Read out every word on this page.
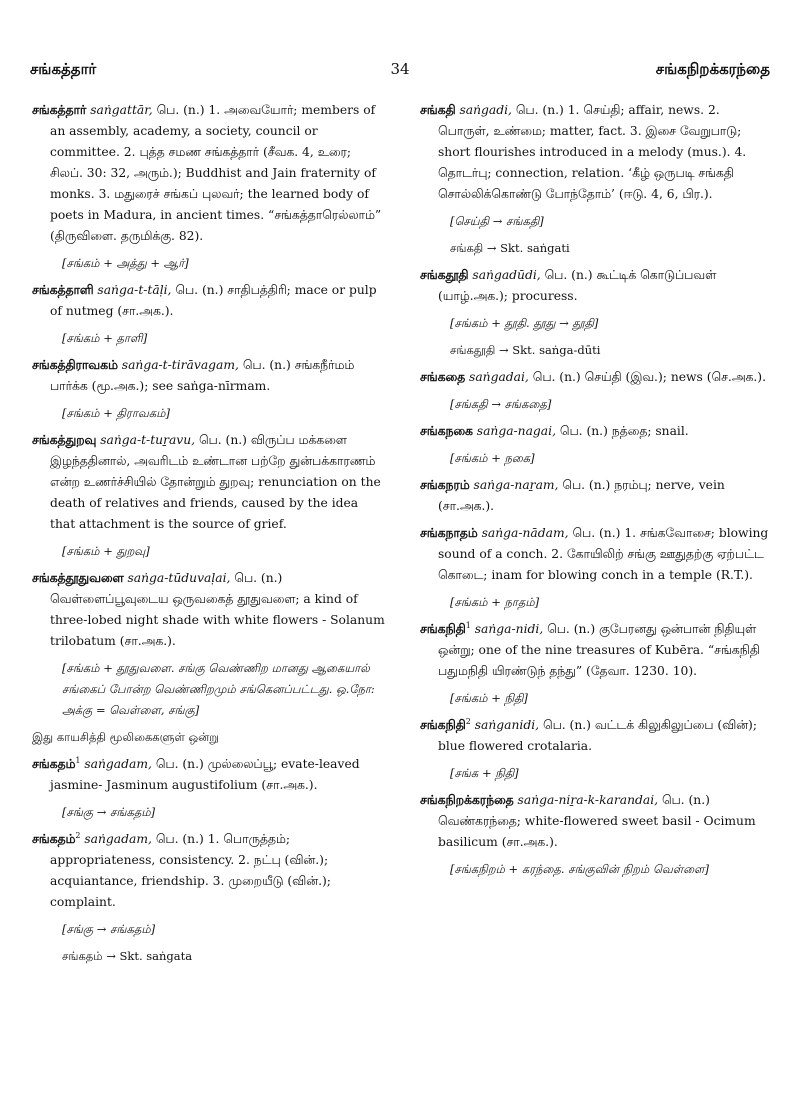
சங்கத்தார்	34	சங்கநிறக்கரந்தை
சங்கத்தார் saṅgattār, பெ. (n.) 1. அவையோர்; members of an assembly, academy, a society, council or committee. 2. புத்த சமண சங்கத்தார் (சீவக. 4, உரை; சிலப். 30: 32, அரும்.); Buddhist and Jain fraternity of monks. 3. மதுரைச் சங்கப் புலவர்; the learned body of poets in Madura, in ancient times. “சங்கத்தாரெல்லாம்” (திருவிளை. தருமிக்கு. 82).
[சங்கம் + அத்து + ஆர்]
சங்கத்தாளி saṅga-t-tāḷi, பெ. (n.) சாதிபத்திரி; mace or pulp of nutmeg (சா.அக.).
[சங்கம் + தாளி]
சங்கத்திராவகம் saṅga-t-tirāvagam, பெ. (n.) சங்கநீர்மம் பார்க்க (மூ.அக.); see saṅga-nīrmam.
[சங்கம் + திராவகம்]
சங்கத்துறவு saṅga-t-tuṟavu, பெ. (n.) விருப்ப மக்களை இழந்ததினால், அவரிடம் உண்டான பற்றே துன்பக்காரணம் என்ற உணர்ச்சியில் தோன்றும் துறவு; renunciation on the death of relatives and friends, caused by the idea that attachment is the source of grief.
[சங்கம் + துறவு]
சங்கத்தூதுவளை saṅga-tūduvaḷai, பெ. (n.) வெள்ளைப்பூவுடைய ஒருவகைத் தூதுவளை; a kind of three-lobed night shade with white flowers - Solanum trilobatum (சா.அக.).
[சங்கம் + தூதுவளை. சங்கு வெண்ணிற மானது ஆகையால் சங்கைப் போன்ற வெண்ணிறமும் சங்கெனப்பட்டது. ஒ.நோ: அக்கு = வெள்ளை, சங்கு]
இது காயசித்தி மூலிகைகளுள் ஒன்று
சங்கதம்$^1$ saṅgadam, பெ. (n.) முல்லைப்பூ; evate-leaved jasmine- Jasminum augustifolium (சா.அக.).
[சங்கு → சங்கதம்]
சங்கதம்$^2$ saṅgadam, பெ. (n.) 1. பொருத்தம்; appropriateness, consistency. 2. நட்பு (வின்.); acquiantance, friendship. 3. முறையீடு (வின்.); complaint.
[சங்கு → சங்கதம்]
சங்கதம் → Skt. saṅgata
சங்கதி saṅgadi, பெ. (n.) 1. செய்தி; affair, news. 2. பொருள், உண்மை; matter, fact. 3. இசை வேறுபாடு; short flourishes introduced in a melody (mus.). 4. தொடர்பு; connection, relation. ‘கீழ் ஒருபடி சங்கதி சொல்லிக்கொண்டு போந்தோம்’ (ஈடு. 4, 6, பிர.).
[செய்தி → சங்கதி]
சங்கதி → Skt. saṅgati
சங்கதூதி saṅgadūdi, பெ. (n.) கூட்டிக் கொடுப்பவள் (யாழ்.அக.); procuress.
[சங்கம் + தூதி. தூது → தூதி]
சங்கதூதி → Skt. saṅga-dūti
சங்கதை saṅgadai, பெ. (n.) செய்தி (இவ.); news (செ.அக.).
[சங்கதி → சங்கதை]
சங்கநகை saṅga-nagai, பெ. (n.) நத்தை; snail.
[சங்கம் + நகை]
சங்கநரம் saṅga-naṟam, பெ. (n.) நரம்பு; nerve, vein (சா.அக.).
சங்கநாதம் saṅga-nādam, பெ. (n.) 1. சங்கவோசை; blowing sound of a conch. 2. கோயிலிற் சங்கு ஊதுதற்கு ஏற்பட்ட கொடை; inam for blowing conch in a temple (R.T.).
[சங்கம் + நாதம்]
சங்கநிதி$^1$ saṅga-nidi, பெ. (n.) குபேரனது ஒன்பான் நிதியுள் ஒன்று; one of the nine treasures of Kubēra. “சங்கநிதி பதுமநிதி யிரண்டுந் தந்து” (தேவா. 1230. 10).
[சங்கம் + நிதி]
சங்கநிதி$^2$ saṅganidi, பெ. (n.) வட்டக் கிலுகிலுப்பை (வின்); blue flowered crotalaria.
[சங்க + நிதி]
சங்கநிறக்கரந்தை saṅga-niṟa-k-karandai, பெ. (n.) வெண்கரந்தை; white-flowered sweet basil - Ocimum basilicum (சா.அக.).
[சங்கநிறம் + கரந்தை. சங்குவின் நிறம் வெள்ளை]
